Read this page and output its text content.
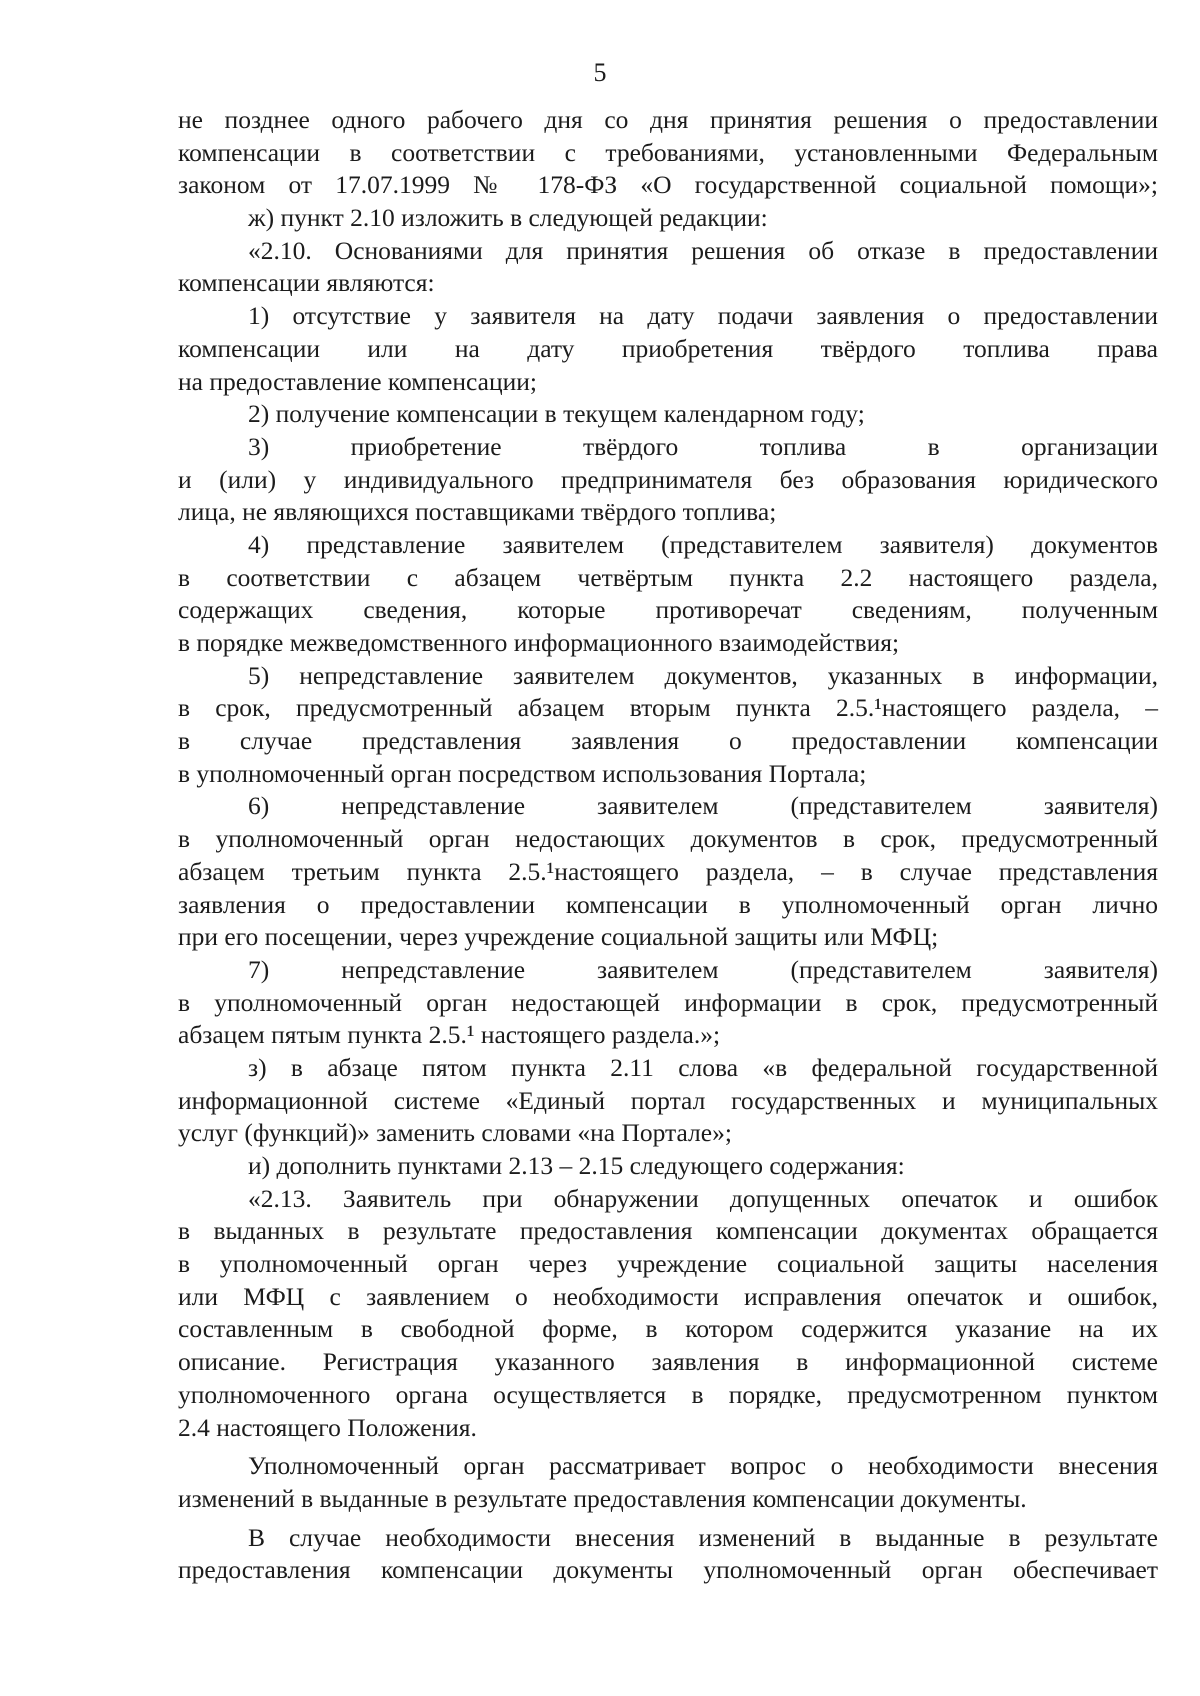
5
не позднее одного рабочего дня со дня принятия решения о предоставлении
компенсации в соответствии с требованиями, установленными Федеральным
законом от 17.07.1999 № 178-ФЗ «О государственной социальной помощи»;
ж) пункт 2.10 изложить в следующей редакции:
«2.10. Основаниями для принятия решения об отказе в предоставлении
компенсации являются:
1) отсутствие у заявителя на дату подачи заявления о предоставлении
компенсации или на дату приобретения твёрдого топлива права
на предоставление компенсации;
2) получение компенсации в текущем календарном году;
3) приобретение твёрдого топлива в организации
и (или) у индивидуального предпринимателя без образования юридического
лица, не являющихся поставщиками твёрдого топлива;
4) представление заявителем (представителем заявителя) документов
в соответствии с абзацем четвёртым пункта 2.2 настоящего раздела,
содержащих сведения, которые противоречат сведениям, полученным
в порядке межведомственного информационного взаимодействия;
5) непредставление заявителем документов, указанных в информации,
в срок, предусмотренный абзацем вторым пункта 2.5.¹настоящего раздела, –
в случае представления заявления о предоставлении компенсации
в уполномоченный орган посредством использования Портала;
6) непредставление заявителем (представителем заявителя)
в уполномоченный орган недостающих документов в срок, предусмотренный
абзацем третьим пункта 2.5.¹настоящего раздела, – в случае представления
заявления о предоставлении компенсации в уполномоченный орган лично
при его посещении, через учреждение социальной защиты или МФЦ;
7) непредставление заявителем (представителем заявителя)
в уполномоченный орган недостающей информации в срок, предусмотренный
абзацем пятым пункта 2.5.¹ настоящего раздела.»;
з) в абзаце пятом пункта 2.11 слова «в федеральной государственной
информационной системе «Единый портал государственных и муниципальных
услуг (функций)» заменить словами «на Портале»;
и) дополнить пунктами 2.13 – 2.15 следующего содержания:
«2.13. Заявитель при обнаружении допущенных опечаток и ошибок
в выданных в результате предоставления компенсации документах обращается
в уполномоченный орган через учреждение социальной защиты населения
или МФЦ с заявлением о необходимости исправления опечаток и ошибок,
составленным в свободной форме, в котором содержится указание на их
описание. Регистрация указанного заявления в информационной системе
уполномоченного органа осуществляется в порядке, предусмотренном пунктом
2.4 настоящего Положения.
Уполномоченный орган рассматривает вопрос о необходимости внесения
изменений в выданные в результате предоставления компенсации документы.
В случае необходимости внесения изменений в выданные в результате
предоставления компенсации документы уполномоченный орган обеспечивает
